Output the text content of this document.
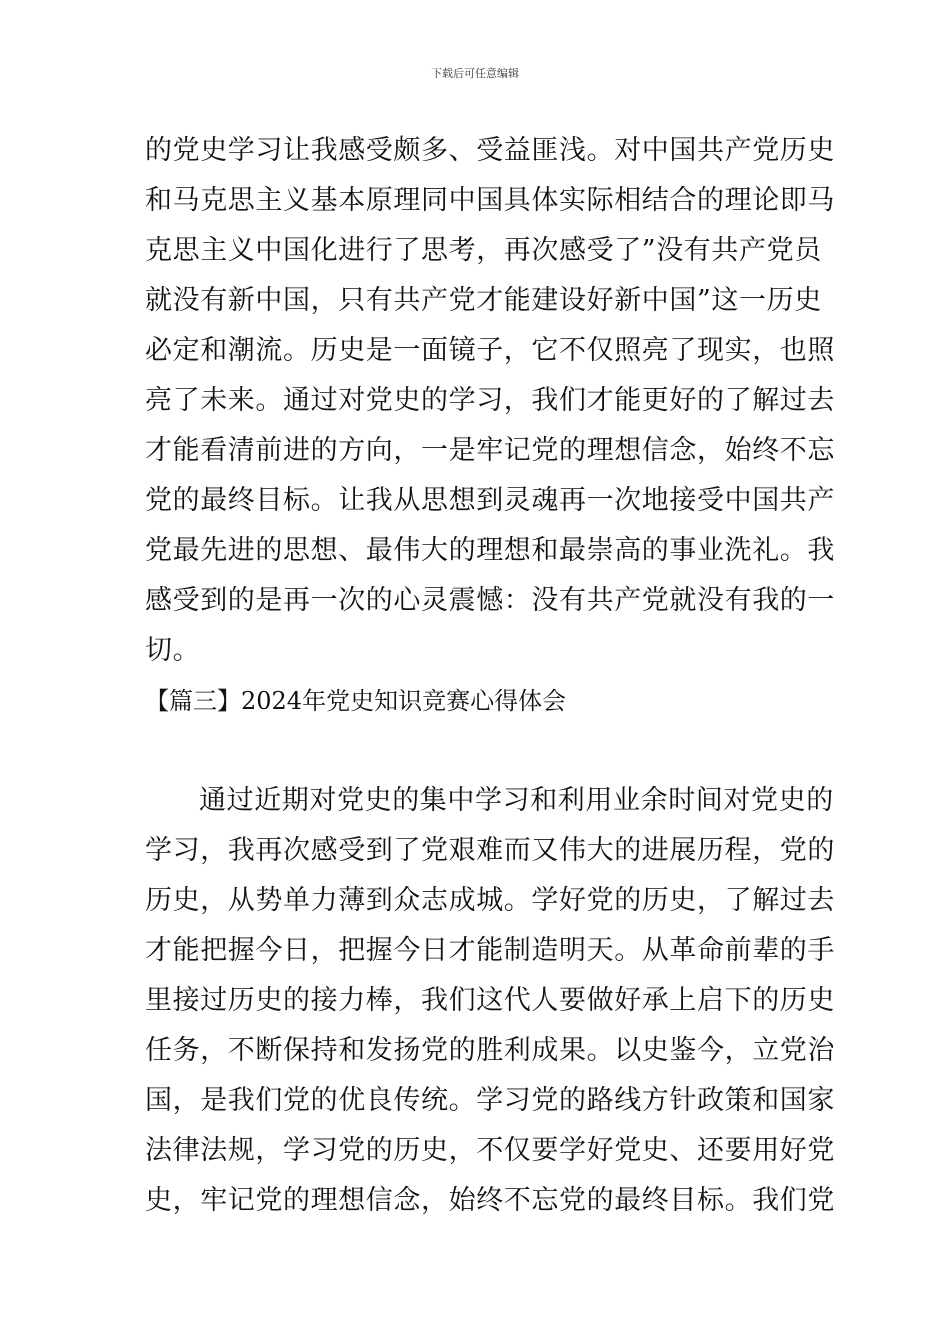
下载后可任意编辑
的党史学习让我感受颇多、受益匪浅。对中国共产党历史
和马克思主义基本原理同中国具体实际相结合的理论即马
克思主义中国化进行了思考，再次感受了”没有共产党员
就没有新中国，只有共产党才能建设好新中国”这一历史
必定和潮流。历史是一面镜子，它不仅照亮了现实，也照
亮了未来。通过对党史的学习，我们才能更好的了解过去
才能看清前进的方向，一是牢记党的理想信念，始终不忘
党的最终目标。让我从思想到灵魂再一次地接受中国共产
党最先进的思想、最伟大的理想和最崇高的事业洗礼。我
感受到的是再一次的心灵震憾：没有共产党就没有我的一
切。
【篇三】2024年党史知识竞赛心得体会
通过近期对党史的集中学习和利用业余时间对党史的
学习，我再次感受到了党艰难而又伟大的进展历程，党的
历史，从势单力薄到众志成城。学好党的历史，了解过去
才能把握今日，把握今日才能制造明天。从革命前辈的手
里接过历史的接力棒，我们这代人要做好承上启下的历史
任务，不断保持和发扬党的胜利成果。以史鉴今，立党治
国，是我们党的优良传统。学习党的路线方针政策和国家
法律法规，学习党的历史，不仅要学好党史、还要用好党
史，牢记党的理想信念，始终不忘党的最终目标。我们党
